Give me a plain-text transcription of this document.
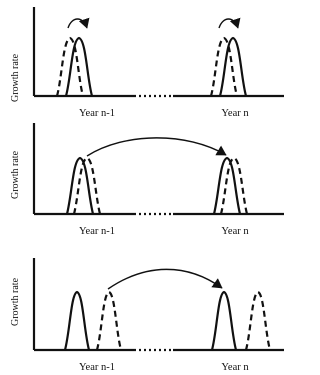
Growth rate
Year n-1	Year n
Growth rate
Year n-1	Year n
Growth rate
Year n-1	Year n
